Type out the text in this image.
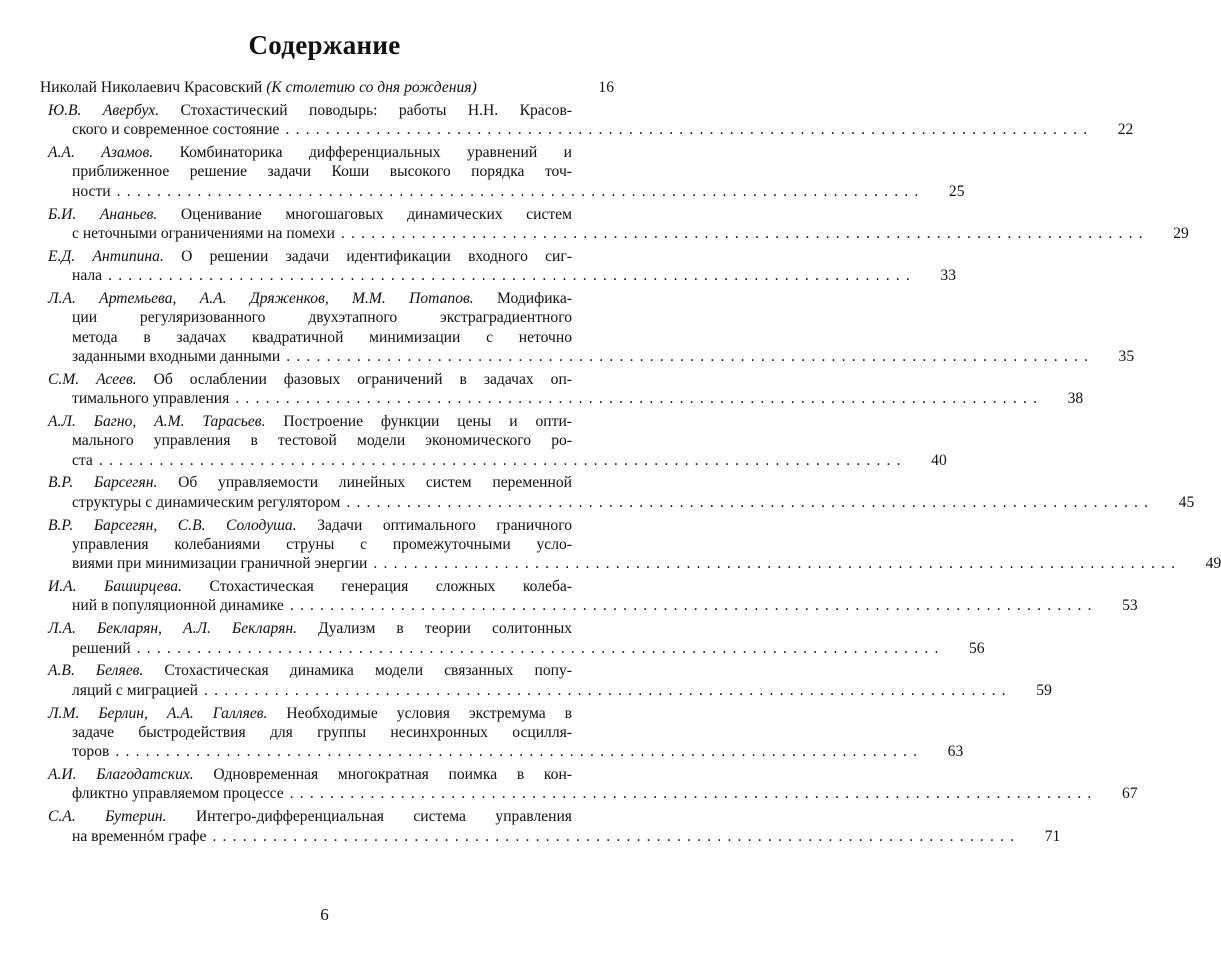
Содержание
Николай Николаевич Красовский (К столетию со дня рождения)	16
Ю.В. Авербух. Стохастический поводырь: работы Н.Н. Красов-
ского и современное состояние ................................................................................	22
А.А. Азамов. Комбинаторика дифференциальных уравнений и
приближенное решение задачи Коши высокого порядка точ-
ности ................................................................................	25
Б.И. Ананьев. Оценивание многошаговых динамических систем
с неточными ограничениями на помехи ................................................................................	29
Е.Д. Антипина. О решении задачи идентификации входного сиг-
нала ................................................................................	33
Л.А. Артемьева, А.А. Дряженков, М.М. Потапов. Модифика-
ции регуляризованного двухэтапного экстраградиентного
метода в задачах квадратичной минимизации с неточно
заданными входными данными ................................................................................	35
С.М. Асеев. Об ослаблении фазовых ограничений в задачах оп-
тимального управления ................................................................................	38
А.Л. Багно, А.М. Тарасьев. Построение функции цены и опти-
мального управления в тестовой модели экономического ро-
ста ................................................................................	40
В.Р. Барсегян. Об управляемости линейных систем переменной
структуры с динамическим регулятором ................................................................................	45
В.Р. Барсегян, С.В. Солодуша. Задачи оптимального граничного
управления колебаниями струны с промежуточными усло-
виями при минимизации граничной энергии ................................................................................	49
И.А. Баширцева. Стохастическая генерация сложных колеба-
ний в популяционной динамике ................................................................................	53
Л.А. Бекларян, А.Л. Бекларян. Дуализм в теории солитонных
решений ................................................................................	56
А.В. Беляев. Стохастическая динамика модели связанных попу-
ляций с миграцией ................................................................................	59
Л.М. Берлин, А.А. Галляев. Необходимые условия экстремума в
задаче быстродействия для группы несинхронных осцилля-
торов ................................................................................	63
А.И. Благодатских. Одновременная многократная поимка в кон-
фликтно управляемом процессе ................................................................................	67
С.А. Бутерин. Интегро-дифференциальная система управления
на временнóм графе ................................................................................	71
6
